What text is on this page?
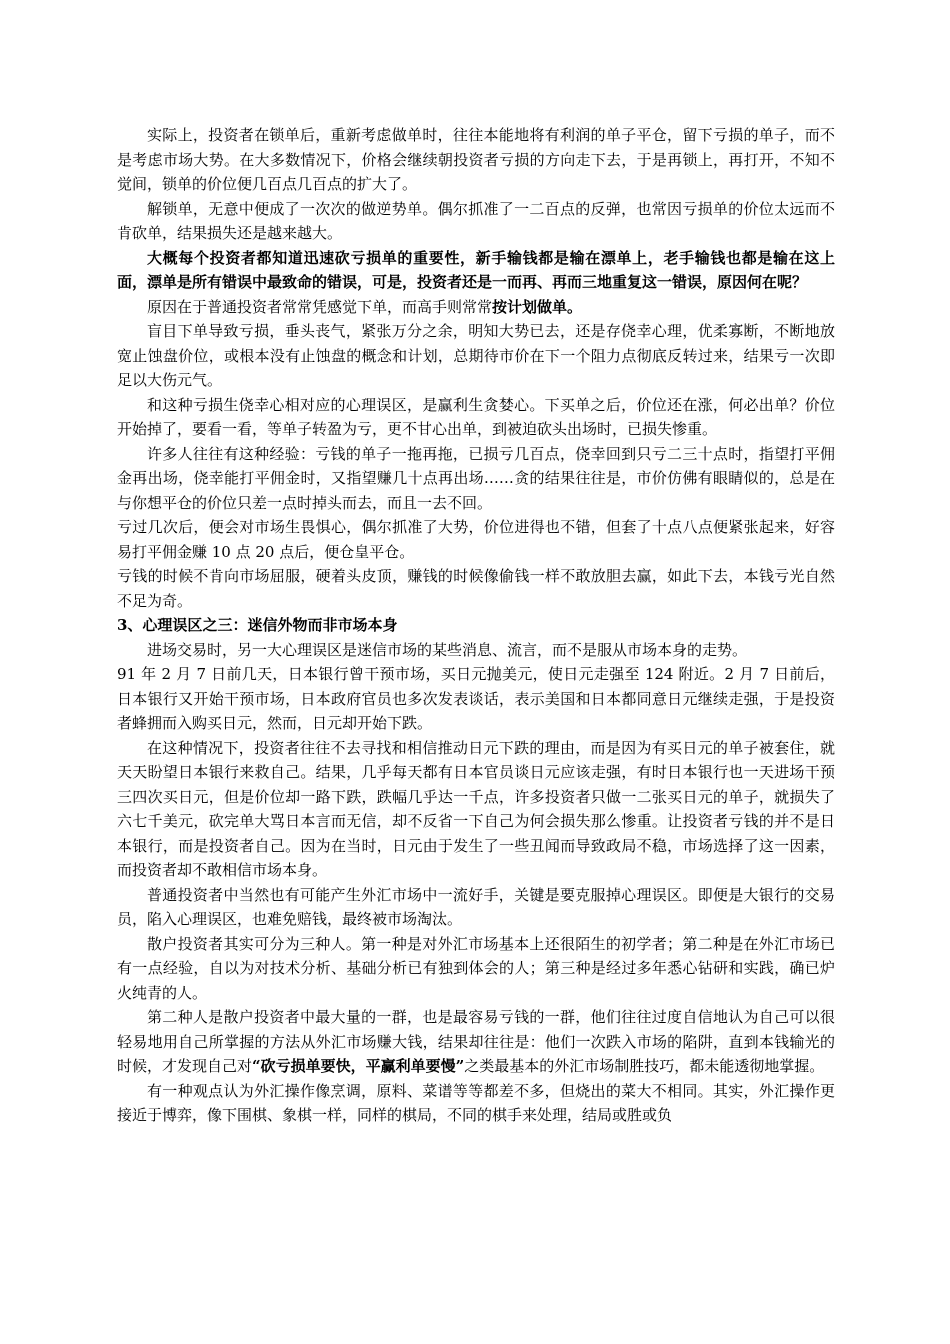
实际上，投资者在锁单后，重新考虑做单时，往往本能地将有利润的单子平仓，留下亏损的单子，而不是考虑市场大势。在大多数情况下，价格会继续朝投资者亏损的方向走下去，于是再锁上，再打开，不知不觉间，锁单的价位便几百点几百点的扩大了。

解锁单，无意中便成了一次次的做逆势单。偶尔抓准了一二百点的反弹，也常因亏损单的价位太远而不肯砍单，结果损失还是越来越大。

大概每个投资者都知道迅速砍亏损单的重要性，新手输钱都是输在漂单上，老手输钱也都是输在这上面，漂单是所有错误中最致命的错误，可是，投资者还是一而再、再而三地重复这一错误，原因何在呢？

原因在于普通投资者常常凭感觉下单，而高手则常常按计划做单。

盲目下单导致亏损，垂头丧气，紧张万分之余，明知大势已去，还是存侥幸心理，优柔寡断，不断地放宽止蚀盘价位，或根本没有止蚀盘的概念和计划，总期待市价在下一个阻力点彻底反转过来，结果亏一次即足以大伤元气。

和这种亏损生侥幸心相对应的心理误区，是赢利生贪婪心。下买单之后，价位还在涨，何必出单？价位开始掉了，要看一看，等单子转盈为亏，更不甘心出单，到被迫砍头出场时，已损失惨重。

许多人往往有这种经验：亏钱的单子一拖再拖，已损亏几百点，侥幸回到只亏二三十点时，指望打平佣金再出场，侥幸能打平佣金时，又指望赚几十点再出场……贪的结果往往是，市价仿佛有眼睛似的，总是在与你想平仓的价位只差一点时掉头而去，而且一去不回。

亏过几次后，便会对市场生畏惧心，偶尔抓准了大势，价位进得也不错，但套了十点八点便紧张起来，好容易打平佣金赚 10 点 20 点后，便仓皇平仓。

亏钱的时候不肯向市场屈服，硬着头皮顶，赚钱的时候像偷钱一样不敢放胆去赢，如此下去，本钱亏光自然不足为奇。

3、心理误区之三：迷信外物而非市场本身

进场交易时，另一大心理误区是迷信市场的某些消息、流言，而不是服从市场本身的走势。

91 年 2 月 7 日前几天，日本银行曾干预市场，买日元抛美元，使日元走强至 124 附近。2 月 7 日前后，日本银行又开始干预市场，日本政府官员也多次发表谈话，表示美国和日本都同意日元继续走强，于是投资者蜂拥而入购买日元，然而，日元却开始下跌。

在这种情况下，投资者往往不去寻找和相信推动日元下跌的理由，而是因为有买日元的单子被套住，就天天盼望日本银行来救自己。结果，几乎每天都有日本官员谈日元应该走强，有时日本银行也一天进场干预三四次买日元，但是价位却一路下跌，跌幅几乎达一千点，许多投资者只做一二张买日元的单子，就损失了六七千美元，砍完单大骂日本言而无信，却不反省一下自己为何会损失那么惨重。让投资者亏钱的并不是日本银行，而是投资者自己。因为在当时，日元由于发生了一些丑闻而导致政局不稳，市场选择了这一因素，而投资者却不敢相信市场本身。

普通投资者中当然也有可能产生外汇市场中一流好手，关键是要克服掉心理误区。即便是大银行的交易员，陷入心理误区，也难免赔钱，最终被市场淘汰。

散户投资者其实可分为三种人。第一种是对外汇市场基本上还很陌生的初学者；第二种是在外汇市场已有一点经验，自以为对技术分析、基础分析已有独到体会的人；第三种是经过多年悉心钻研和实践，确已炉火纯青的人。

第二种人是散户投资者中最大量的一群，也是最容易亏钱的一群，他们往往过度自信地认为自己可以很轻易地用自己所掌握的方法从外汇市场赚大钱，结果却往往是：他们一次跌入市场的陷阱，直到本钱输光的时候，才发现自己对“砍亏损单要快，平赢利单要慢”之类最基本的外汇市场制胜技巧，都未能透彻地掌握。

有一种观点认为外汇操作像烹调，原料、菜谱等等都差不多，但烧出的菜大不相同。其实，外汇操作更接近于博弈，像下围棋、象棋一样，同样的棋局，不同的棋手来处理，结局或胜或负
